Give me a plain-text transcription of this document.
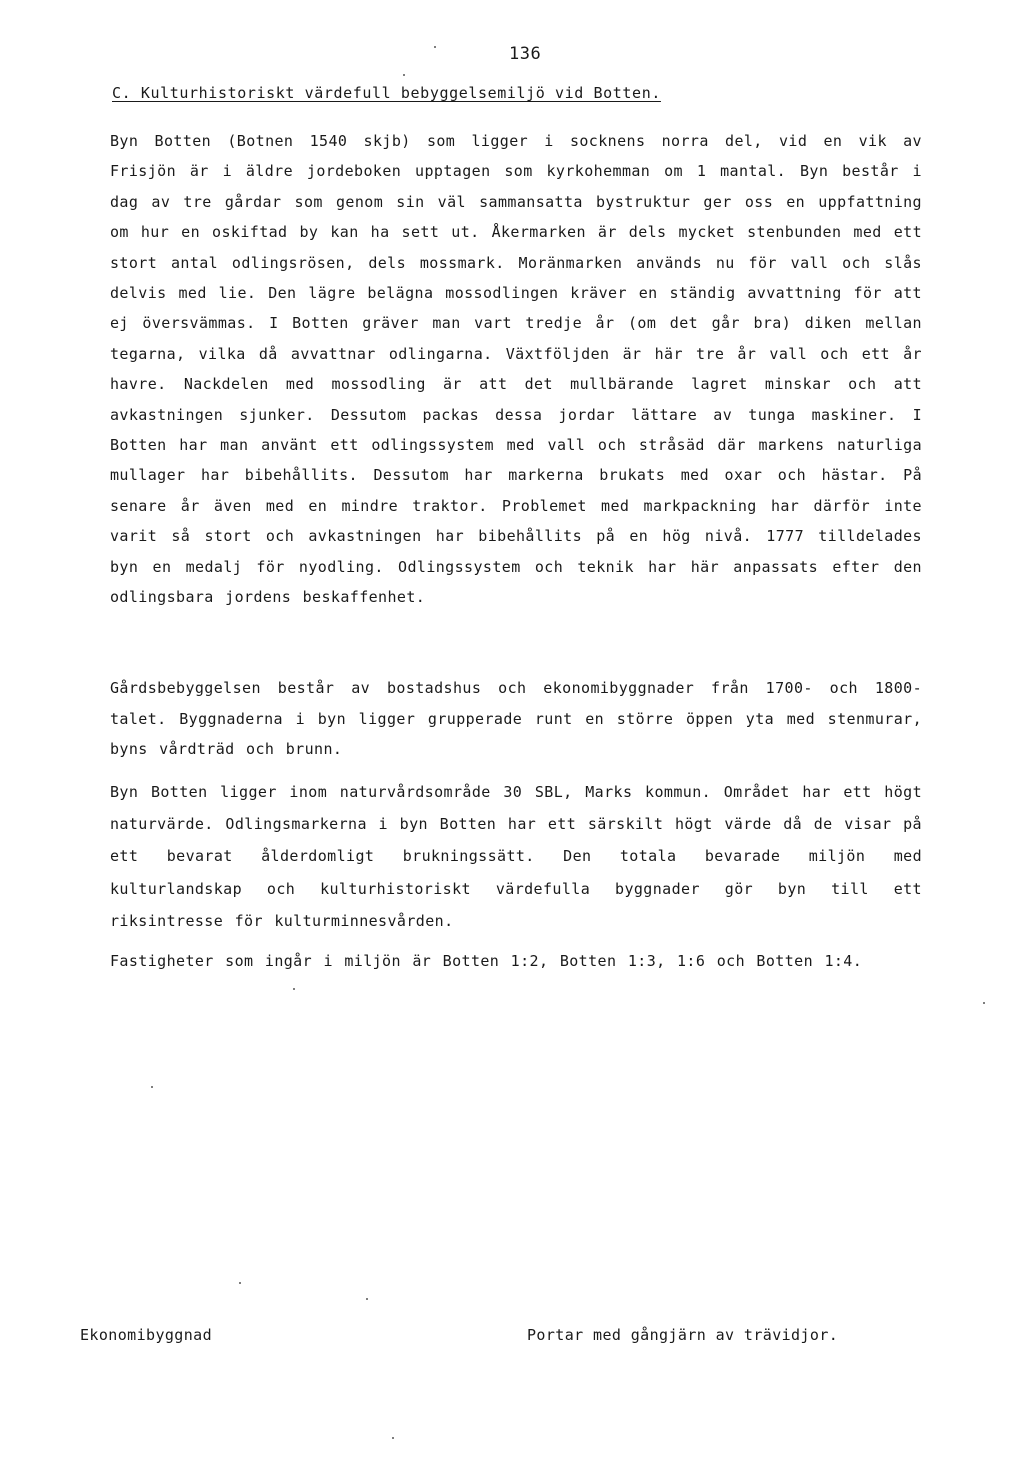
136
C. Kulturhistoriskt värdefull bebyggelsemiljö vid Botten.

Byn Botten (Botnen 1540 skjb) som ligger i socknens norra del, vid en vik av Frisjön är i äldre jordeboken upptagen som kyrkohemman om 1 mantal. Byn består i dag av tre gårdar som genom sin väl sammansatta bystruktur ger oss en uppfattning om hur en oskiftad by kan ha sett ut. Åkermarken är dels mycket stenbunden med ett stort antal odlingsrösen, dels mossmark. Moränmarken används nu för vall och slås delvis med lie. Den lägre belägna mossodlingen kräver en ständig avvattning för att ej översvämmas. I Botten gräver man vart tredje år (om det går bra) diken mellan tegarna, vilka då avvattnar odlingarna. Växtföljden är här tre år vall och ett år havre. Nackdelen med mossodling är att det mullbärande lagret minskar och att avkastningen sjunker. Dessutom packas dessa jordar lättare av tunga maskiner. I Botten har man använt ett odlingssystem med vall och stråsäd där markens naturliga mullager har bibehållits. Dessutom har markerna brukats med oxar och hästar. På senare år även med en mindre traktor. Problemet med markpackning har därför inte varit så stort och avkastningen har bibehållits på en hög nivå. 1777 tilldelades byn en medalj för nyodling. Odlingssystem och teknik har här anpassats efter den odlingsbara jordens beskaffenhet.

Gårdsbebyggelsen består av bostadshus och ekonomibyggnader från 1700- och 1800-talet. Byggnaderna i byn ligger grupperade runt en större öppen yta med stenmurar, byns vårdträd och brunn.

Byn Botten ligger inom naturvårdsområde 30 SBL, Marks kommun. Området har ett högt naturvärde. Odlingsmarkerna i byn Botten har ett särskilt högt värde då de visar på ett bevarat ålderdomligt brukningssätt. Den totala bevarade miljön med kulturlandskap och kulturhistoriskt värdefulla byggnader gör byn till ett riksintresse för kulturminnesvården.

Fastigheter som ingår i miljön är Botten 1:2, Botten 1:3, 1:6 och Botten 1:4.

Ekonomibyggnad	Portar med gångjärn av trävidjor.
